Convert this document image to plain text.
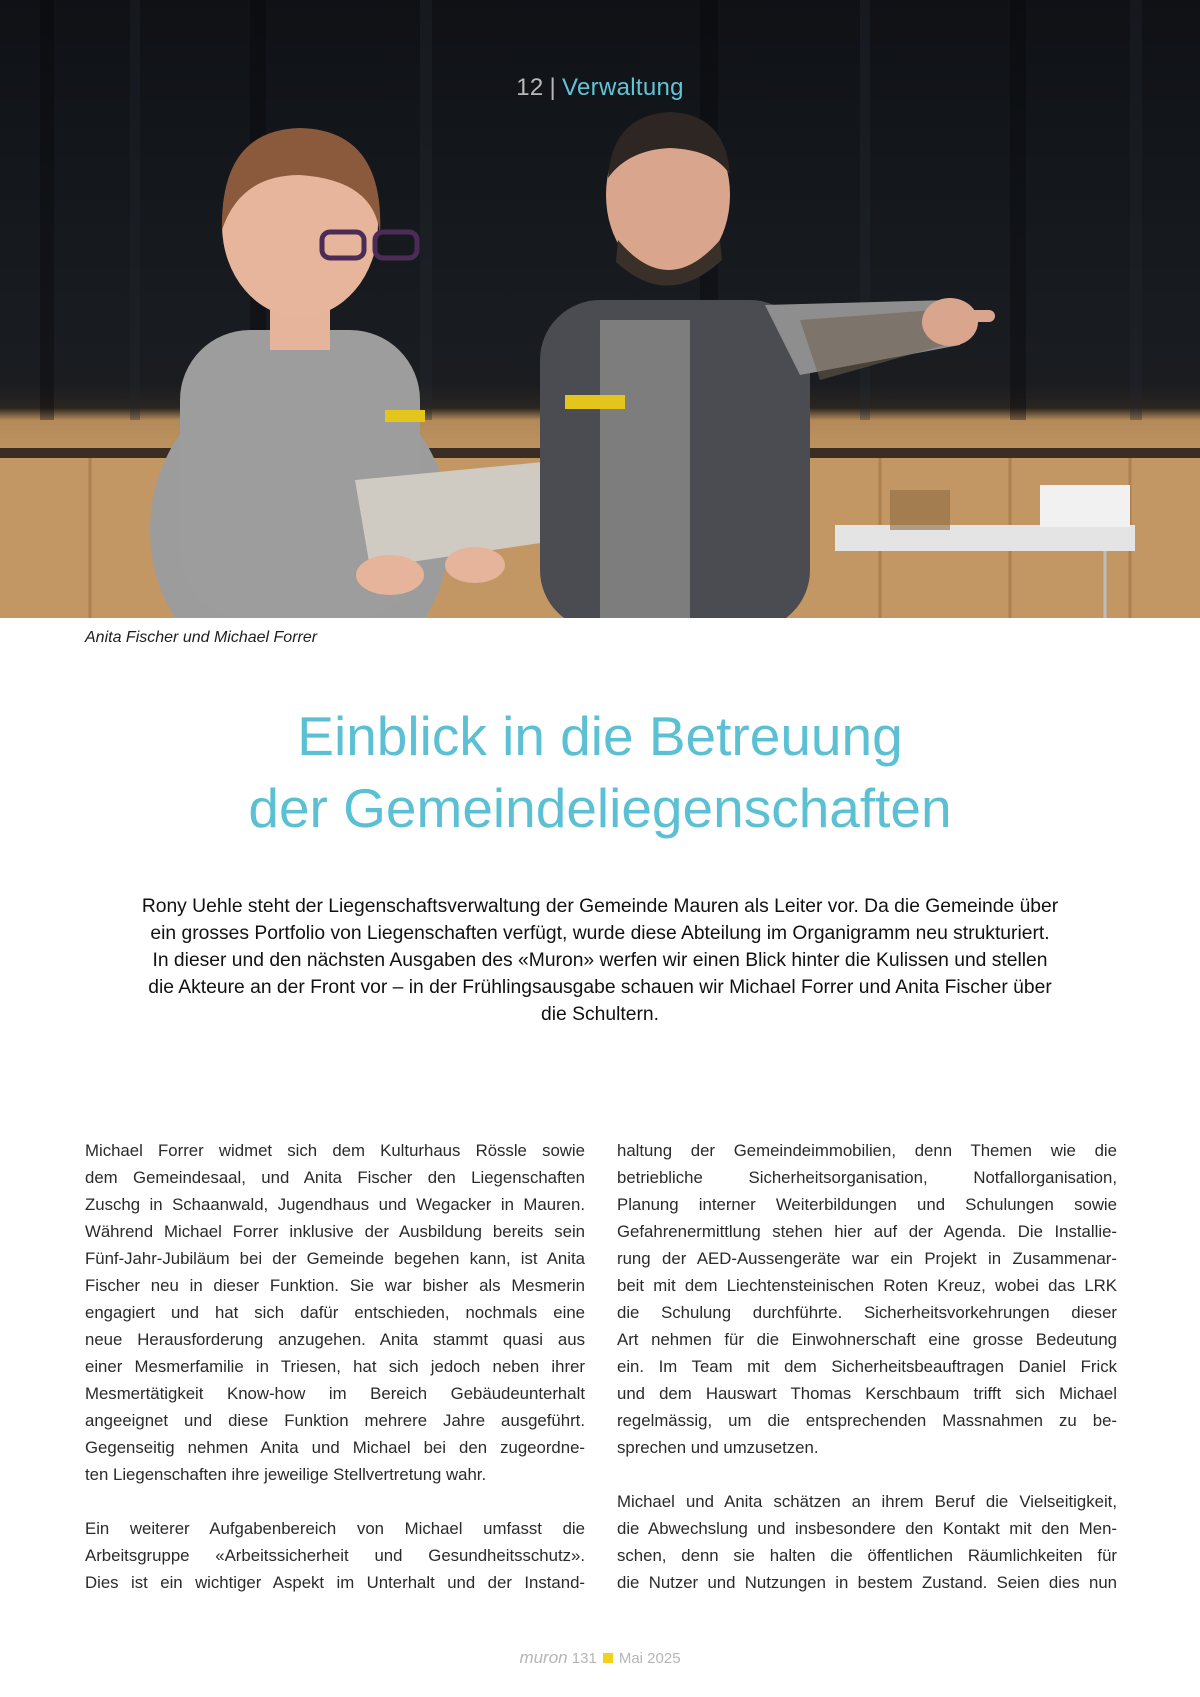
12 | Verwaltung
Anita Fischer und Michael Forrer
Einblick in die Betreuung
der Gemeindeliegenschaften
Rony Uehle steht der Liegenschaftsverwaltung der Gemeinde Mauren als Leiter vor. Da die Gemeinde über
ein grosses Portfolio von Liegenschaften verfügt, wurde diese Abteilung im Organigramm neu strukturiert.
In dieser und den nächsten Ausgaben des «Muron» werfen wir einen Blick hinter die Kulissen und stellen
die Akteure an der Front vor – in der Frühlingsausgabe schauen wir Michael Forrer und Anita Fischer über
die Schultern.
Michael Forrer widmet sich dem Kulturhaus Rössle sowie
dem Gemeindesaal, und Anita Fischer den Liegenschaften
Zuschg in Schaanwald, Jugendhaus und Wegacker in Mauren.
Während Michael Forrer inklusive der Ausbildung bereits sein
Fünf-Jahr-Jubiläum bei der Gemeinde begehen kann, ist Anita
Fischer neu in dieser Funktion. Sie war bisher als Mesmerin
engagiert und hat sich dafür entschieden, nochmals eine
neue Herausforderung anzugehen. Anita stammt quasi aus
einer Mesmerfamilie in Triesen, hat sich jedoch neben ihrer
Mesmertätigkeit Know-how im Bereich Gebäudeunterhalt
angeeignet und diese Funktion mehrere Jahre ausgeführt.
Gegenseitig nehmen Anita und Michael bei den zugeordne-
ten Liegenschaften ihre jeweilige Stellvertretung wahr.
Ein weiterer Aufgabenbereich von Michael umfasst die
Arbeitsgruppe «Arbeitssicherheit und Gesundheitsschutz».
Dies ist ein wichtiger Aspekt im Unterhalt und der Instand-
haltung der Gemeindeimmobilien, denn Themen wie die
betriebliche Sicherheitsorganisation, Notfallorganisation,
Planung interner Weiterbildungen und Schulungen sowie
Gefahrenermittlung stehen hier auf der Agenda. Die Installie-
rung der AED-Aussengeräte war ein Projekt in Zusammenar-
beit mit dem Liechtensteinischen Roten Kreuz, wobei das LRK
die Schulung durchführte. Sicherheitsvorkehrungen dieser
Art nehmen für die Einwohnerschaft eine grosse Bedeutung
ein. Im Team mit dem Sicherheitsbeauftragen Daniel Frick
und dem Hauswart Thomas Kerschbaum trifft sich Michael
regelmässig, um die entsprechenden Massnahmen zu be-
sprechen und umzusetzen.
Michael und Anita schätzen an ihrem Beruf die Vielseitigkeit,
die Abwechslung und insbesondere den Kontakt mit den Men-
schen, denn sie halten die öffentlichen Räumlichkeiten für
die Nutzer und Nutzungen in bestem Zustand. Seien dies nun
muron 131 Mai 2025
